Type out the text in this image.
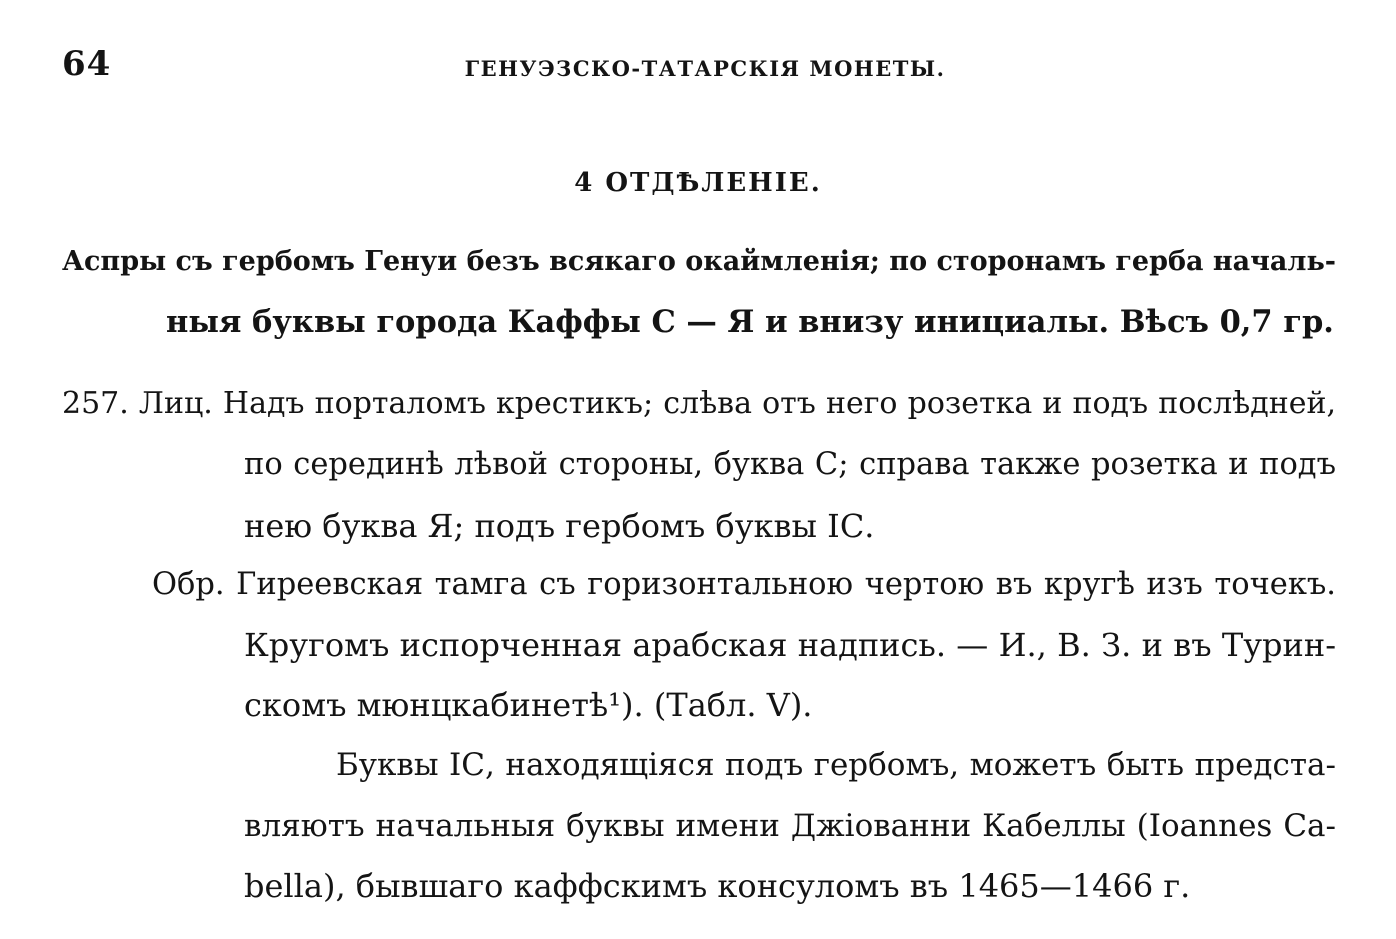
64	ГЕНУЭЗСКО-ТАТАРСКІЯ МОНЕТЫ.
4 ОТДѢЛЕНІЕ.
Аспры съ гербомъ Генуи безъ всякаго окаймленія; по сторонамъ герба началь-
ныя буквы города Каффы С — Я и внизу инициалы. Вѣсъ 0,7 гр.
257. Лиц. Надъ порталомъ крестикъ; слѣва отъ него розетка и подъ послѣдней,
по серединѣ лѣвой стороны, буква С; справа также розетка и подъ
нею буква Я; подъ гербомъ буквы IС.
Обр. Гиреевская тамга съ горизонтальною чертою въ кругѣ изъ точекъ.
Кругомъ испорченная арабская надпись. — И., В. З. и въ Турин-
скомъ мюнцкабинетѣ¹). (Табл. V).
Буквы IС, находящіяся подъ гербомъ, можетъ быть предста-
вляютъ начальныя буквы имени Джіованни Кабеллы (Ioannes Ca-
bella), бывшаго каффскимъ консуломъ въ 1465—1466 г.
